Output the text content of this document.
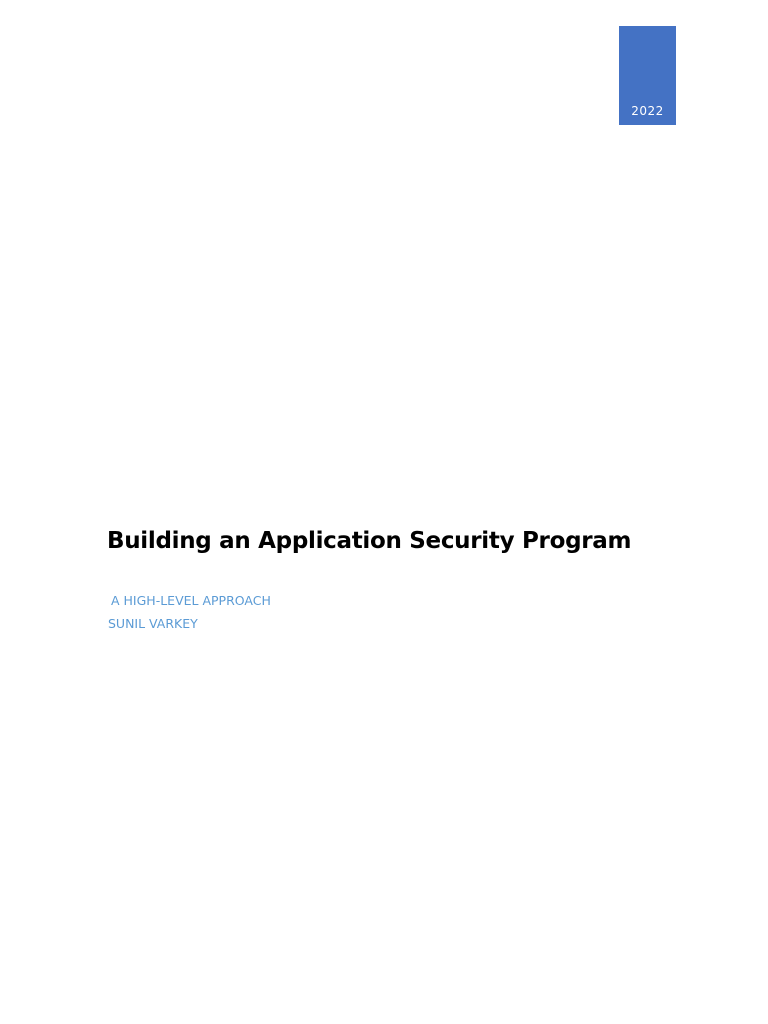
2022
Building an Application Security Program
A HIGH-LEVEL APPROACH
SUNIL VARKEY
